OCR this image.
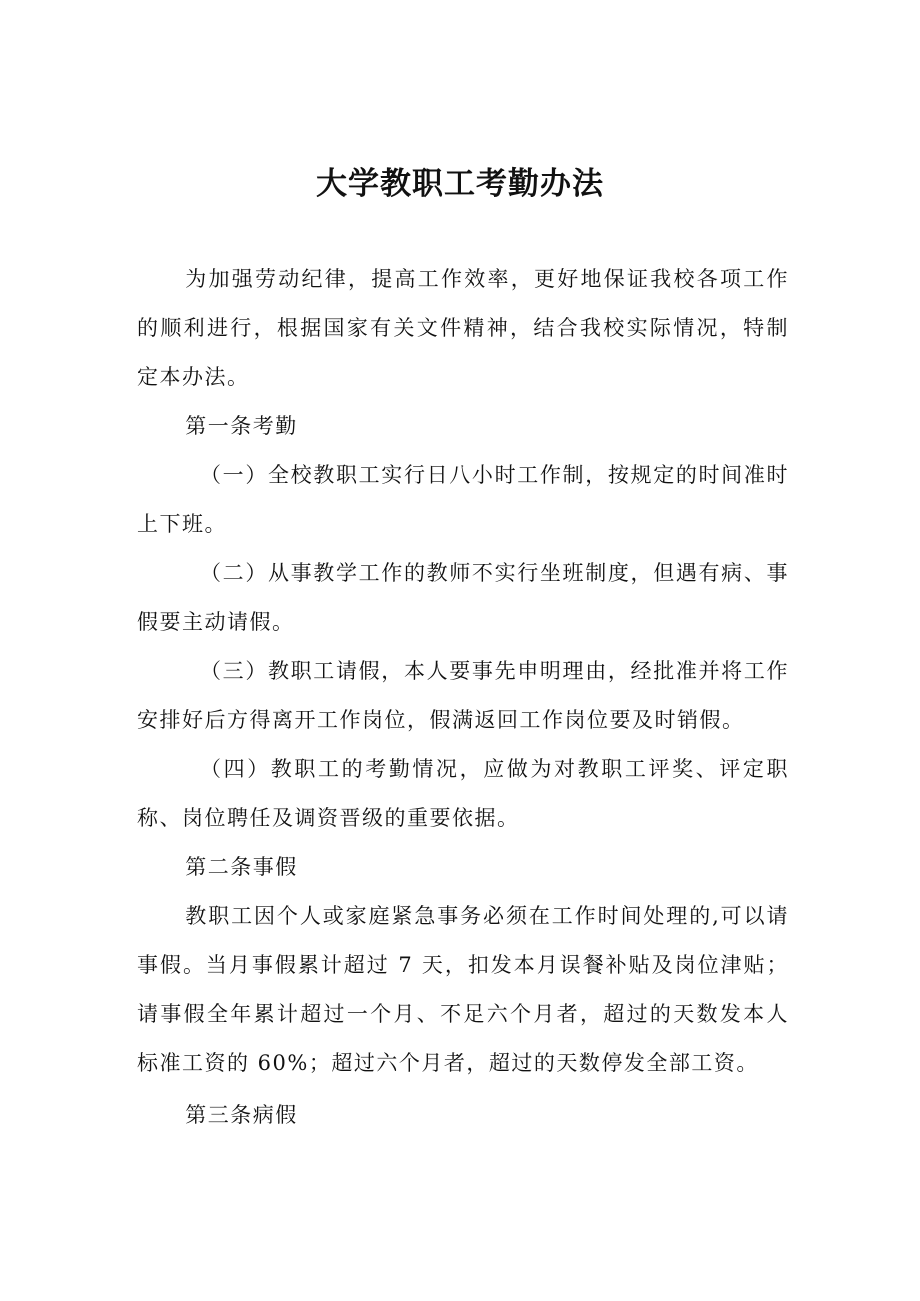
大学教职工考勤办法

为加强劳动纪律，提高工作效率，更好地保证我校各项工作的顺利进行，根据国家有关文件精神，结合我校实际情况，特制定本办法。

第一条考勤

（一）全校教职工实行日八小时工作制，按规定的时间准时上下班。

（二）从事教学工作的教师不实行坐班制度，但遇有病、事假要主动请假。

（三）教职工请假，本人要事先申明理由，经批准并将工作安排好后方得离开工作岗位，假满返回工作岗位要及时销假。

（四）教职工的考勤情况，应做为对教职工评奖、评定职称、岗位聘任及调资晋级的重要依据。

第二条事假

教职工因个人或家庭紧急事务必须在工作时间处理的,可以请事假。当月事假累计超过 7 天，扣发本月误餐补贴及岗位津贴；请事假全年累计超过一个月、不足六个月者，超过的天数发本人标准工资的 60%；超过六个月者，超过的天数停发全部工资。

第三条病假
